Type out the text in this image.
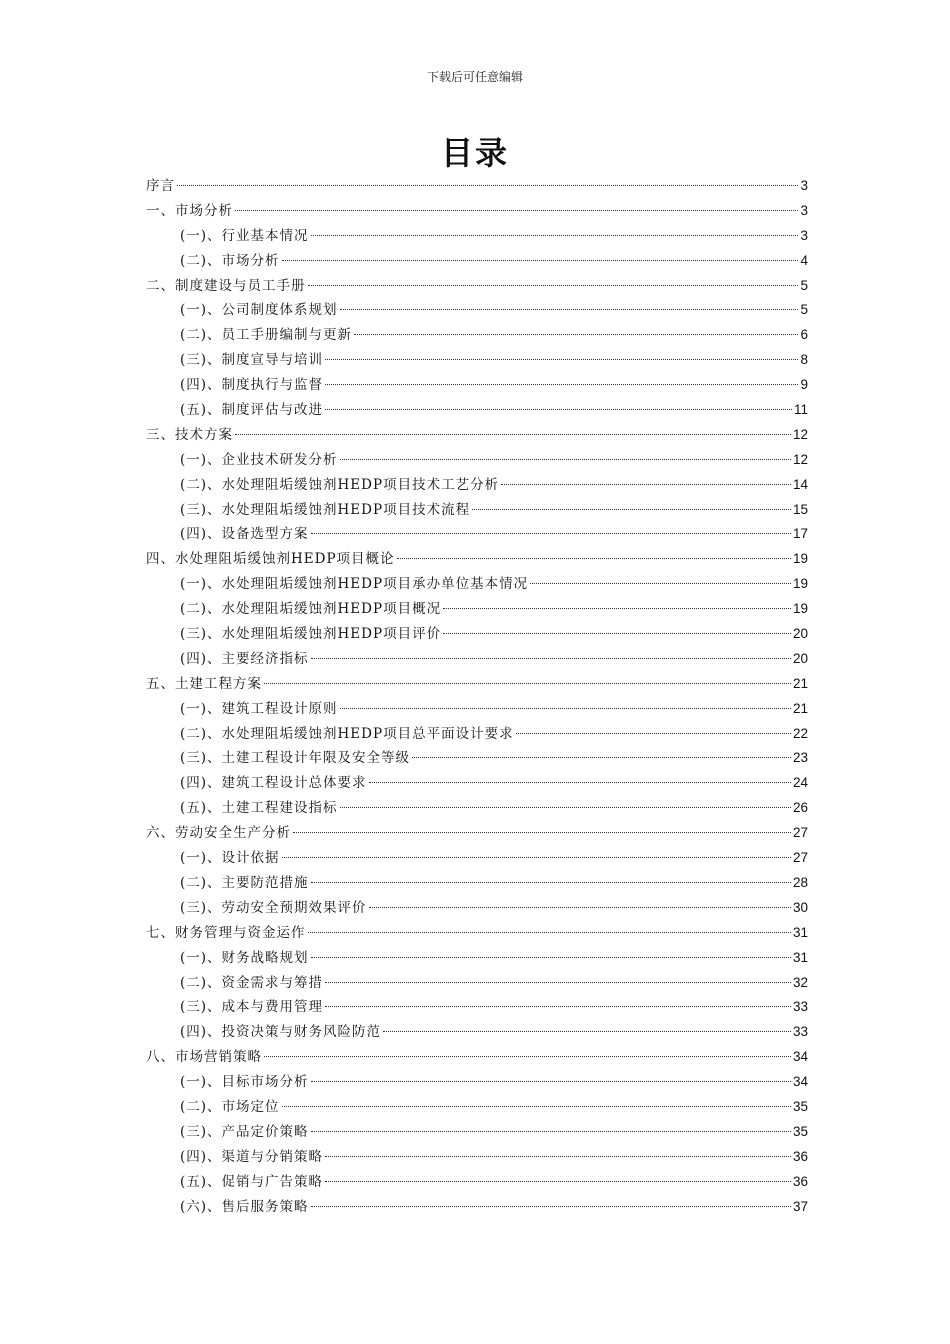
下载后可任意编辑
目录
序言	3
一、市场分析	3
(一)、行业基本情况	3
(二)、市场分析	4
二、制度建设与员工手册	5
(一)、公司制度体系规划	5
(二)、员工手册编制与更新	6
(三)、制度宣导与培训	8
(四)、制度执行与监督	9
(五)、制度评估与改进	11
三、技术方案	12
(一)、企业技术研发分析	12
(二)、水处理阻垢缓蚀剂HEDP项目技术工艺分析	14
(三)、水处理阻垢缓蚀剂HEDP项目技术流程	15
(四)、设备选型方案	17
四、水处理阻垢缓蚀剂HEDP项目概论	19
(一)、水处理阻垢缓蚀剂HEDP项目承办单位基本情况	19
(二)、水处理阻垢缓蚀剂HEDP项目概况	19
(三)、水处理阻垢缓蚀剂HEDP项目评价	20
(四)、主要经济指标	20
五、土建工程方案	21
(一)、建筑工程设计原则	21
(二)、水处理阻垢缓蚀剂HEDP项目总平面设计要求	22
(三)、土建工程设计年限及安全等级	23
(四)、建筑工程设计总体要求	24
(五)、土建工程建设指标	26
六、劳动安全生产分析	27
(一)、设计依据	27
(二)、主要防范措施	28
(三)、劳动安全预期效果评价	30
七、财务管理与资金运作	31
(一)、财务战略规划	31
(二)、资金需求与筹措	32
(三)、成本与费用管理	33
(四)、投资决策与财务风险防范	33
八、市场营销策略	34
(一)、目标市场分析	34
(二)、市场定位	35
(三)、产品定价策略	35
(四)、渠道与分销策略	36
(五)、促销与广告策略	36
(六)、售后服务策略	37
